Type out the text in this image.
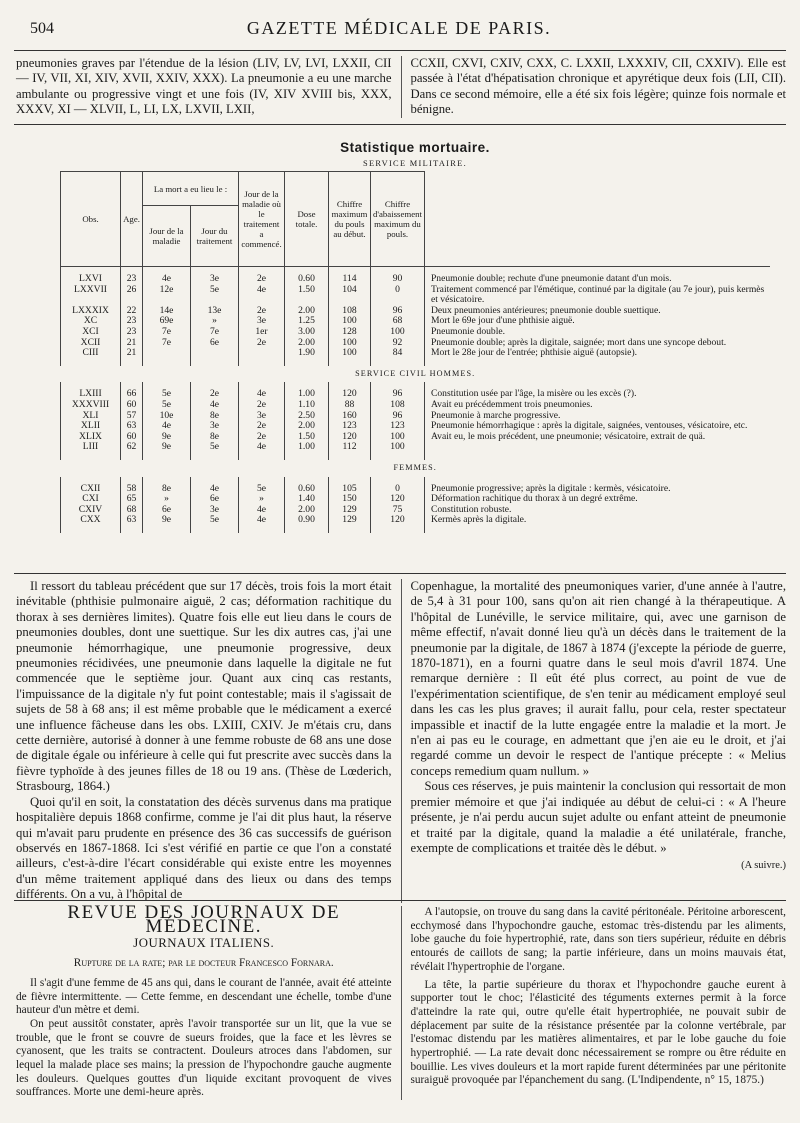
504	GAZETTE MÉDICALE DE PARIS.

pneumonies graves par l'étendue de la lésion (LIV, LV, LVI, LXXII, CII — IV, VII, XI, XIV, XVII, XXIV, XXX). La pneumonie a eu une marche ambulante ou progressive vingt et une fois (IV, XIV XVIII bis, XXX, XXXV, XI — XLVII, L, LI, LX, LXVII, LXII,

CCXII, CXVI, CXIV, CXX, C. LXXII, LXXXIV, CII, CXXIV). Elle est passée à l'état d'hépatisation chronique et apyrétique deux fois (LII, CII). Dans ce second mémoire, elle a été six fois légère; quinze fois normale et bénigne.

Statistique mortuaire.
SERVICE MILITAIRE.
Obs.	Age.	La mort a eu lieu le :		Jour de la maladie où le traitement a commencé.	Dose totale.	Chiffre maximum du pouls au début.	Chiffre d'abaissement maximum du pouls.	
		Jour de la maladie	Jour du traitement					

LXVI	23	4e	3e	2e	0.60	114	90	Pneumonie double; rechute d'une pneumonie datant d'un mois.
LXXVII	26	12e	5e	4e	1.50	104	0	Traitement commencé par l'émétique, continué par la digitale (au 7e jour), puis kermès et vésicatoire.
LXXXIX	22	14e	13e	2e	2.00	108	96	Deux pneumonies antérieures; pneumonie double suettique.
XC	23	69e	»	3e	1.25	100	68	Mort le 69e jour d'une phthisie aiguë.
XCI	23	7e	7e	1er	3.00	128	100	Pneumonie double.
XCII	21	7e	6e	2e	2.00	100	92	Pneumonie double; après la digitale, saignée; mort dans une syncope debout.
CIII	21				1.90	100	84	Mort le 28e jour de l'entrée; phthisie aiguë (autopsie).

SERVICE CIVIL HOMMES.								

LXIII	66	5e	2e	4e	1.00	120	96	Constitution usée par l'âge, la misère ou les excès (?).
XXXVIII	60	5e	4e	2e	1.10	88	108	Avait eu précédemment trois pneumonies.
XLI	57	10e	8e	3e	2.50	160	96	Pneumonie à marche progressive.
XLII	63	4e	3e	2e	2.00	123	123	Pneumonie hémorrhagique : après la digitale, saignées, ventouses, vésicatoire, etc.
XLIX	60	9e	8e	2e	1.50	120	100	Avait eu, le mois précédent, une pneumonie; vésicatoire, extrait de quä.
LIII	62	9e	5e	4e	1.00	112	100	

FEMMES.								

CXII	58	8e	4e	5e	0.60	105	0	Pneumonie progressive; après la digitale : kermès, vésicatoire.
CXI	65	»	6e	»	1.40	150	120	Déformation rachitique du thorax à un degré extrême.
CXIV	68	6e	3e	4e	2.00	129	75	Constitution robuste.
CXX	63	9e	5e	4e	0.90	129	120	Kermès après la digitale.

Il ressort du tableau précédent que sur 17 décès, trois fois la mort était inévitable (phthisie pulmonaire aiguë, 2 cas; déformation rachitique du thorax à ses dernières limites). Quatre fois elle eut lieu dans le cours de pneumonies doubles, dont une suettique. Sur les dix autres cas, j'ai une pneumonie hémorrhagique, une pneumonie progressive, deux pneumonies récidivées, une pneumonie dans laquelle la digitale ne fut commencée que le septième jour. Quant aux cinq cas restants, l'impuissance de la digitale n'y fut point contestable; mais il s'agissait de sujets de 58 à 68 ans; il est même probable que le médicament a exercé une influence fâcheuse dans les obs. LXIII, CXIV. Je m'étais cru, dans cette dernière, autorisé à donner à une femme robuste de 68 ans une dose de digitale égale ou inférieure à celle qui fut prescrite avec succès dans la fièvre typhoïde à des jeunes filles de 18 ou 19 ans. (Thèse de Lœderich, Strasbourg, 1864.)

Quoi qu'il en soit, la constatation des décès survenus dans ma pratique hospitalière depuis 1868 confirme, comme je l'ai dit plus haut, la réserve qui m'avait paru prudente en présence des 36 cas successifs de guérison observés en 1867-1868. Ici s'est vérifié en partie ce que l'on a constaté ailleurs, c'est-à-dire l'écart considérable qui existe entre les moyennes d'un même traitement appliqué dans des lieux ou dans des temps différents. On a vu, à l'hôpital de

Copenhague, la mortalité des pneumoniques varier, d'une année à l'autre, de 5,4 à 31 pour 100, sans qu'on ait rien changé à la thérapeutique. A l'hôpital de Lunéville, le service militaire, qui, avec une garnison de même effectif, n'avait donné lieu qu'à un décès dans le traitement de la pneumonie par la digitale, de 1867 à 1874 (j'excepte la période de guerre, 1870-1871), en a fourni quatre dans le seul mois d'avril 1874. Une remarque dernière : Il eût été plus correct, au point de vue de l'expérimentation scientifique, de s'en tenir au médicament employé seul dans les cas les plus graves; il aurait fallu, pour cela, rester spectateur impassible et inactif de la lutte engagée entre la maladie et la mort. Je n'en ai pas eu le courage, en admettant que j'en aie eu le droit, et j'ai regardé comme un devoir le respect de l'antique précepte : « Melius conceps remedium quam nullum. »

Sous ces réserves, je puis maintenir la conclusion qui ressortait de mon premier mémoire et que j'ai indiquée au début de celui-ci : « A l'heure présente, je n'ai perdu aucun sujet adulte ou enfant atteint de pneumonie et traité par la digitale, quand la maladie a été unilatérale, franche, exempte de complications et traitée dès le début. »

(A suivre.)

REVUE DES JOURNAUX DE MÉDECINE.
JOURNAUX ITALIENS.

Rupture de la rate; par le docteur Francesco Fornara.

Il s'agit d'une femme de 45 ans qui, dans le courant de l'année, avait été atteinte de fièvre intermittente. — Cette femme, en descendant une échelle, tombe d'une hauteur d'un mètre et demi.

On peut aussitôt constater, après l'avoir transportée sur un lit, que la vue se trouble, que le front se couvre de sueurs froides, que la face et les lèvres se cyanosent, que les traits se contractent. Douleurs atroces dans l'abdomen, sur lequel la malade place ses mains; la pression de l'hypochondre gauche augmente les douleurs. Quelques gouttes d'un liquide excitant provoquent de vives souffrances. Morte une demi-heure après.

A l'autopsie, on trouve du sang dans la cavité péritonéale. Péritoine arborescent, ecchymosé dans l'hypochondre gauche, estomac très-distendu par les aliments, lobe gauche du foie hypertrophié, rate, dans son tiers supérieur, réduite en débris entourés de caillots de sang; la partie inférieure, dans un moins mauvais état, révélait l'hypertrophie de l'organe.

La tête, la partie supérieure du thorax et l'hypochondre gauche eurent à supporter tout le choc; l'élasticité des téguments externes permit à la force d'atteindre la rate qui, outre qu'elle était hypertrophiée, ne pouvait subir de déplacement par suite de la résistance présentée par la colonne vertébrale, par l'estomac distendu par les matières alimentaires, et par le lobe gauche du foie hypertrophié. — La rate devait donc nécessairement se rompre ou être réduite en bouillie. Les vives douleurs et la mort rapide furent déterminées par une péritonite suraiguë provoquée par l'épanchement du sang. (L'Indipendente, n° 15, 1875.)
